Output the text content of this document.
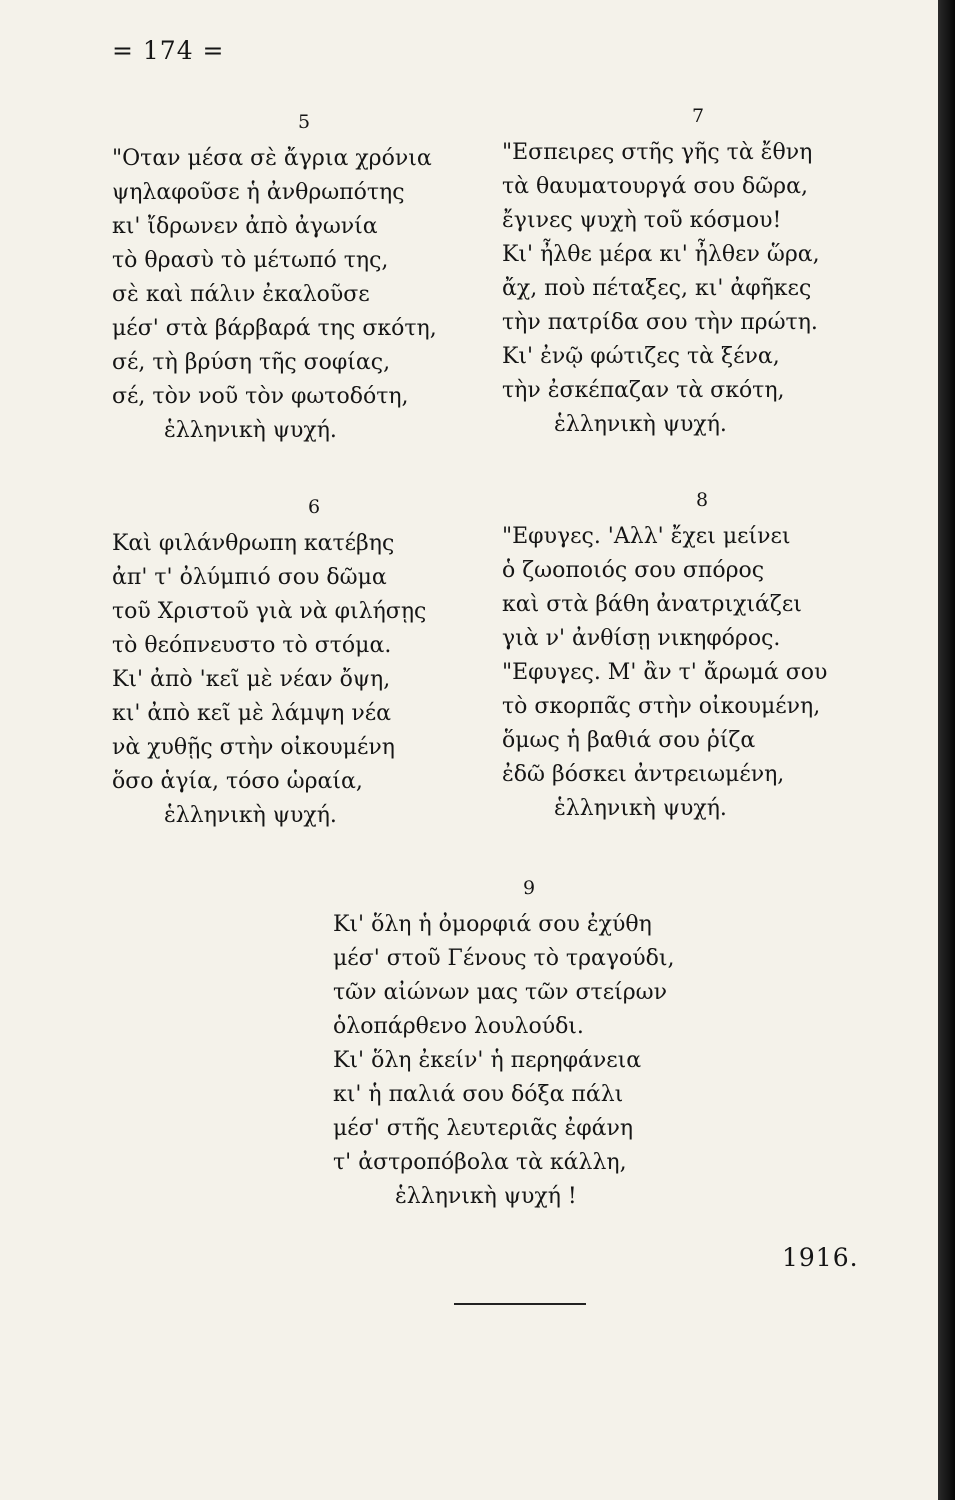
= 174 =
5
"Οταν μέσα σὲ ἄγρια χρόνια
ψηλαφοῦσε ἡ ἀνθρωπότης
κι' ἴδρωνεν ἀπὸ ἀγωνία
τὸ θρασὺ τὸ μέτωπό της,
σὲ καὶ πάλιν ἐκαλοῦσε
μέσ' στὰ βάρβαρά της σκότη,
σέ, τὴ βρύση τῆς σοφίας,
σέ, τὸν νοῦ τὸν φωτοδότη,
ἑλληνικὴ ψυχή.
6
Καὶ φιλάνθρωπη κατέβης
ἀπ' τ' ὀλύμπιό σου δῶμα
τοῦ Χριστοῦ γιὰ νὰ φιλήσῃς
τὸ θεόπνευστο τὸ στόμα.
Κι' ἀπὸ 'κεῖ μὲ νέαν ὄψη,
κι' ἀπὸ κεῖ μὲ λάμψη νέα
νὰ χυθῇς στὴν οἰκουμένη
ὅσο ἁγία, τόσο ὡραία,
ἑλληνικὴ ψυχή.
7
"Εσπειρες στῆς γῆς τὰ ἔθνη
τὰ θαυματουργά σου δῶρα,
ἔγινες ψυχὴ τοῦ κόσμου!
Κι' ἦλθε μέρα κι' ἦλθεν ὥρα,
ἄχ, ποὺ πέταξες, κι' ἀφῆκες
τὴν πατρίδα σου τὴν πρώτη.
Κι' ἐνῷ φώτιζες τὰ ξένα,
τὴν ἐσκέπαζαν τὰ σκότη,
ἑλληνικὴ ψυχή.
8
"Εφυγες. 'Αλλ' ἔχει μείνει
ὁ ζωοποιός σου σπόρος
καὶ στὰ βάθη ἀνατριχιάζει
γιὰ ν' ἀνθίσῃ νικηφόρος.
"Εφυγες. Μ' ἂν τ' ἄρωμά σου
τὸ σκορπᾶς στὴν οἰκουμένη,
ὅμως ἡ βαθιά σου ῥίζα
ἐδῶ βόσκει ἀντρειωμένη,
ἑλληνικὴ ψυχή.
9
Κι' ὅλη ἡ ὀμορφιά σου ἐχύθη
μέσ' στοῦ Γένους τὸ τραγούδι,
τῶν αἰώνων μας τῶν στείρων
ὁλοπάρθενο λουλούδι.
Κι' ὅλη ἐκείν' ἡ περηφάνεια
κι' ἡ παλιά σου δόξα πάλι
μέσ' στῆς λευτεριᾶς ἐφάνη
τ' ἀστροπόβολα τὰ κάλλη,
ἑλληνικὴ ψυχή !
1916.
